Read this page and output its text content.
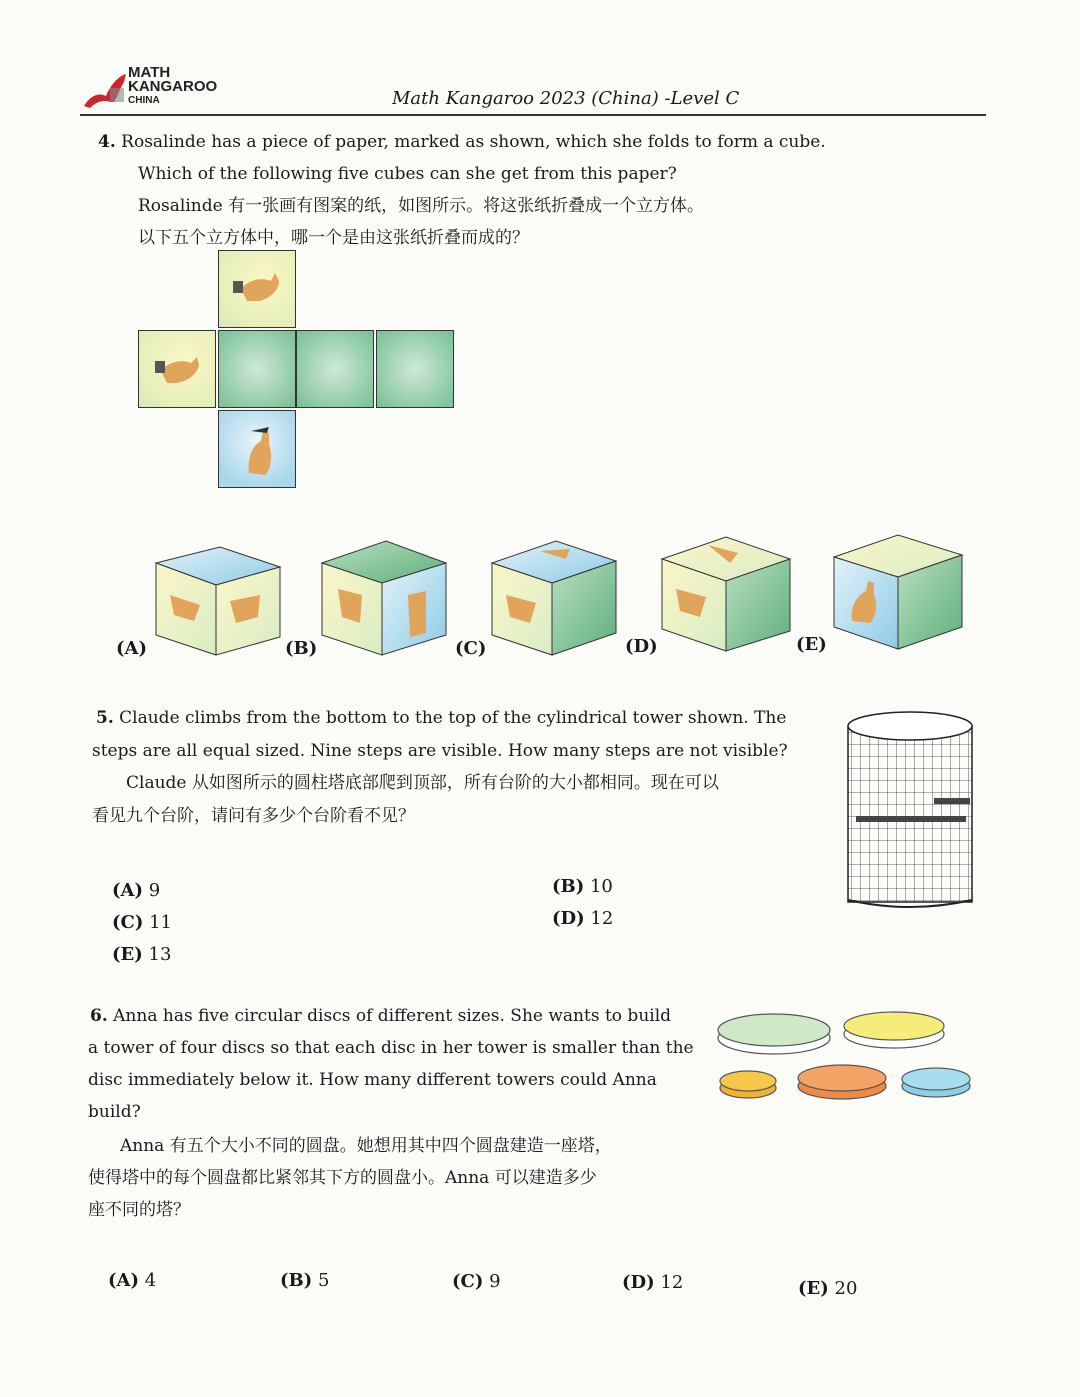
MATH
KANGAROO
CHINA	Math Kangaroo 2023 (China) -Level C
4. Rosalinde has a piece of paper, marked as shown, which she folds to form a cube.
Which of the following five cubes can she get from this paper?
Rosalinde 有一张画有图案的纸，如图所示。将这张纸折叠成一个立方体。
以下五个立方体中，哪一个是由这张纸折叠而成的？
(A)	(B)	(C)	(D)	(E)
5. Claude climbs from the bottom to the top of the cylindrical tower shown. The
steps are all equal sized. Nine steps are visible. How many steps are not visible?
Claude 从如图所示的圆柱塔底部爬到顶部，所有台阶的大小都相同。现在可以
看见九个台阶，请问有多少个台阶看不见？
(A) 9	(B) 10
(C) 11	(D) 12
(E) 13
6. Anna has five circular discs of different sizes. She wants to build
a tower of four discs so that each disc in her tower is smaller than the
disc immediately below it. How many different towers could Anna
build?
Anna 有五个大小不同的圆盘。她想用其中四个圆盘建造一座塔，
使得塔中的每个圆盘都比紧邻其下方的圆盘小。Anna 可以建造多少
座不同的塔？
(A) 4	(B) 5	(C) 9	(D) 12	(E) 20
